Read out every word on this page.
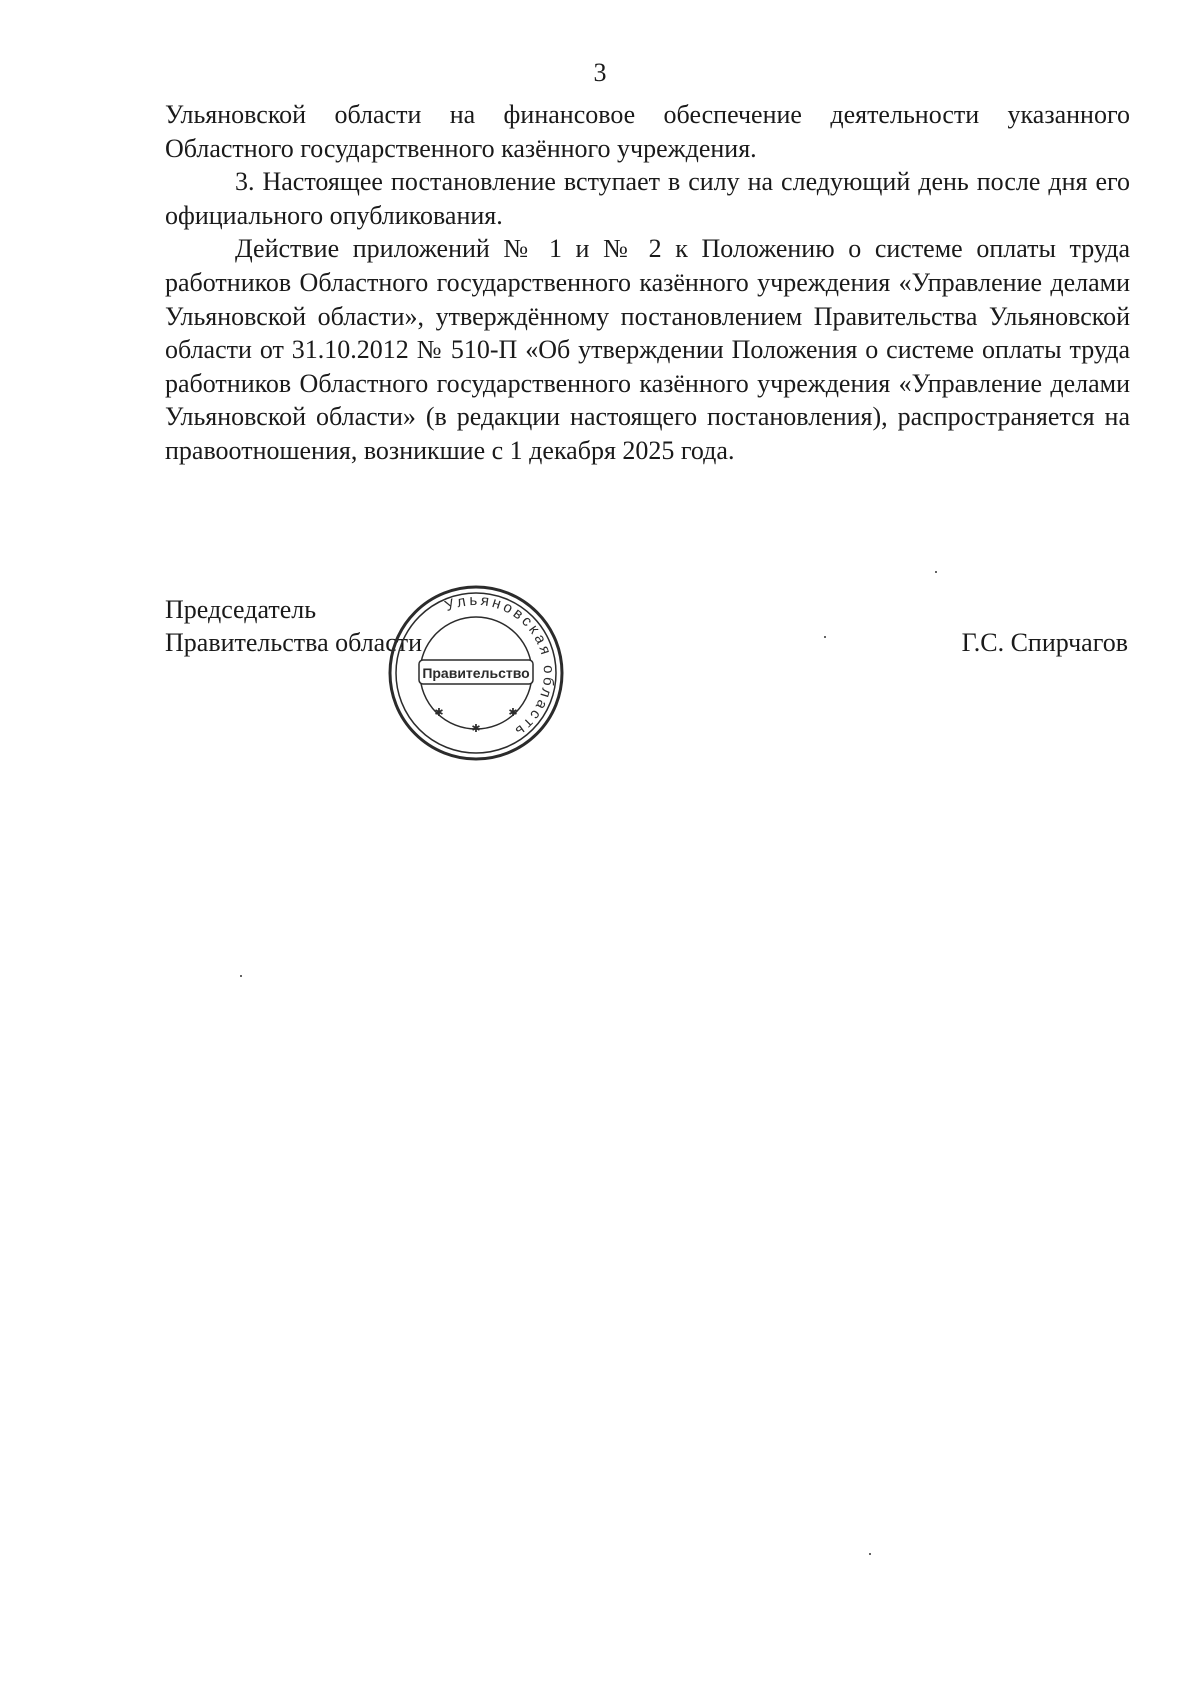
3

Ульяновской области на финансовое обеспечение деятельности указанного Областного государственного казённого учреждения.

3. Настоящее постановление вступает в силу на следующий день после дня его официального опубликования.

Действие приложений № 1 и № 2 к Положению о системе оплаты труда работников Областного государственного казённого учреждения «Управление делами Ульяновской области», утверждённому постановлением Правительства Ульяновской области от 31.10.2012 № 510-П «Об утверждении Положения о системе оплаты труда работников Областного государственного казённого учреждения «Управление делами Ульяновской области» (в редакции настоящего постановления), распространяется на правоотношения, возникшие с 1 декабря 2025 года.

Председатель
Правительства области	Г.С. Спирчагов
Ульяновская область
Правительство
✱	✱
✱
